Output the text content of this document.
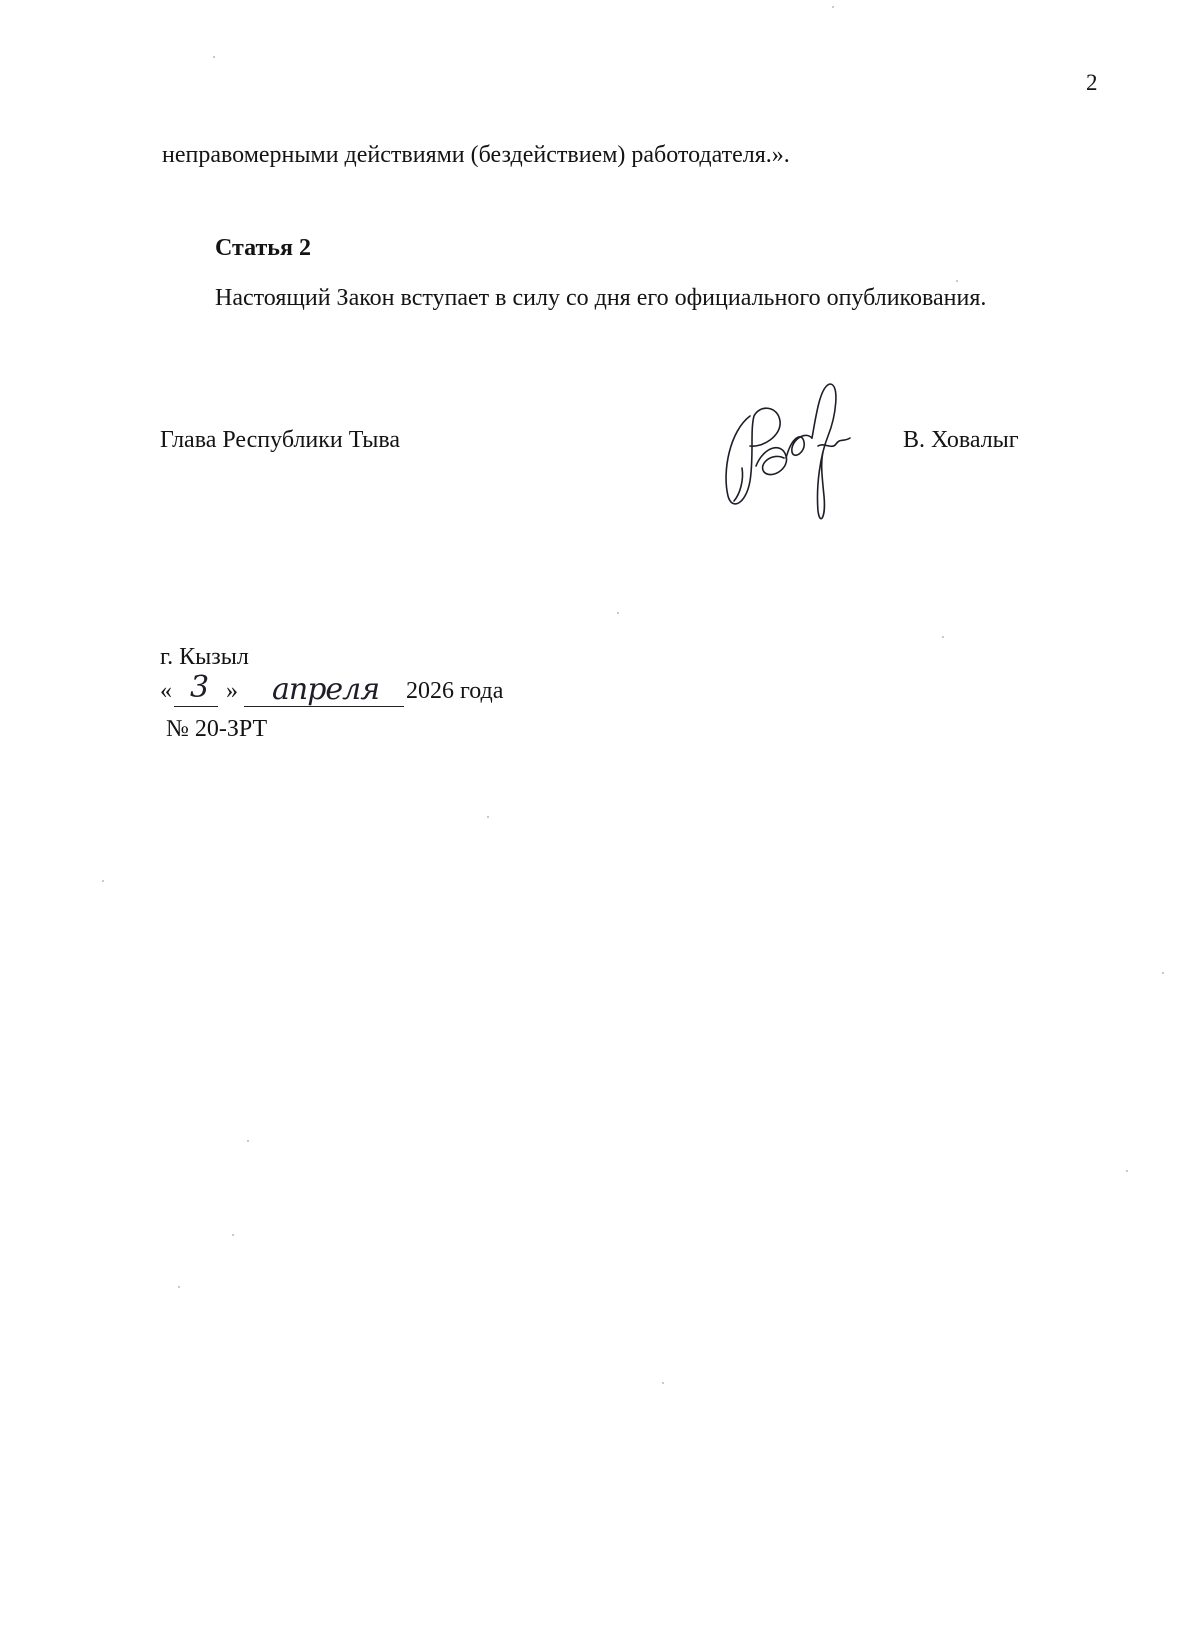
2
неправомерными действиями (бездействием) работодателя.».
Статья 2
Настоящий Закон вступает в силу со дня его официального опубликования.
Глава Республики Тыва	В. Ховалыг
г. Кызыл
« 3 » апреля 2026 года
№ 20-ЗРТ
